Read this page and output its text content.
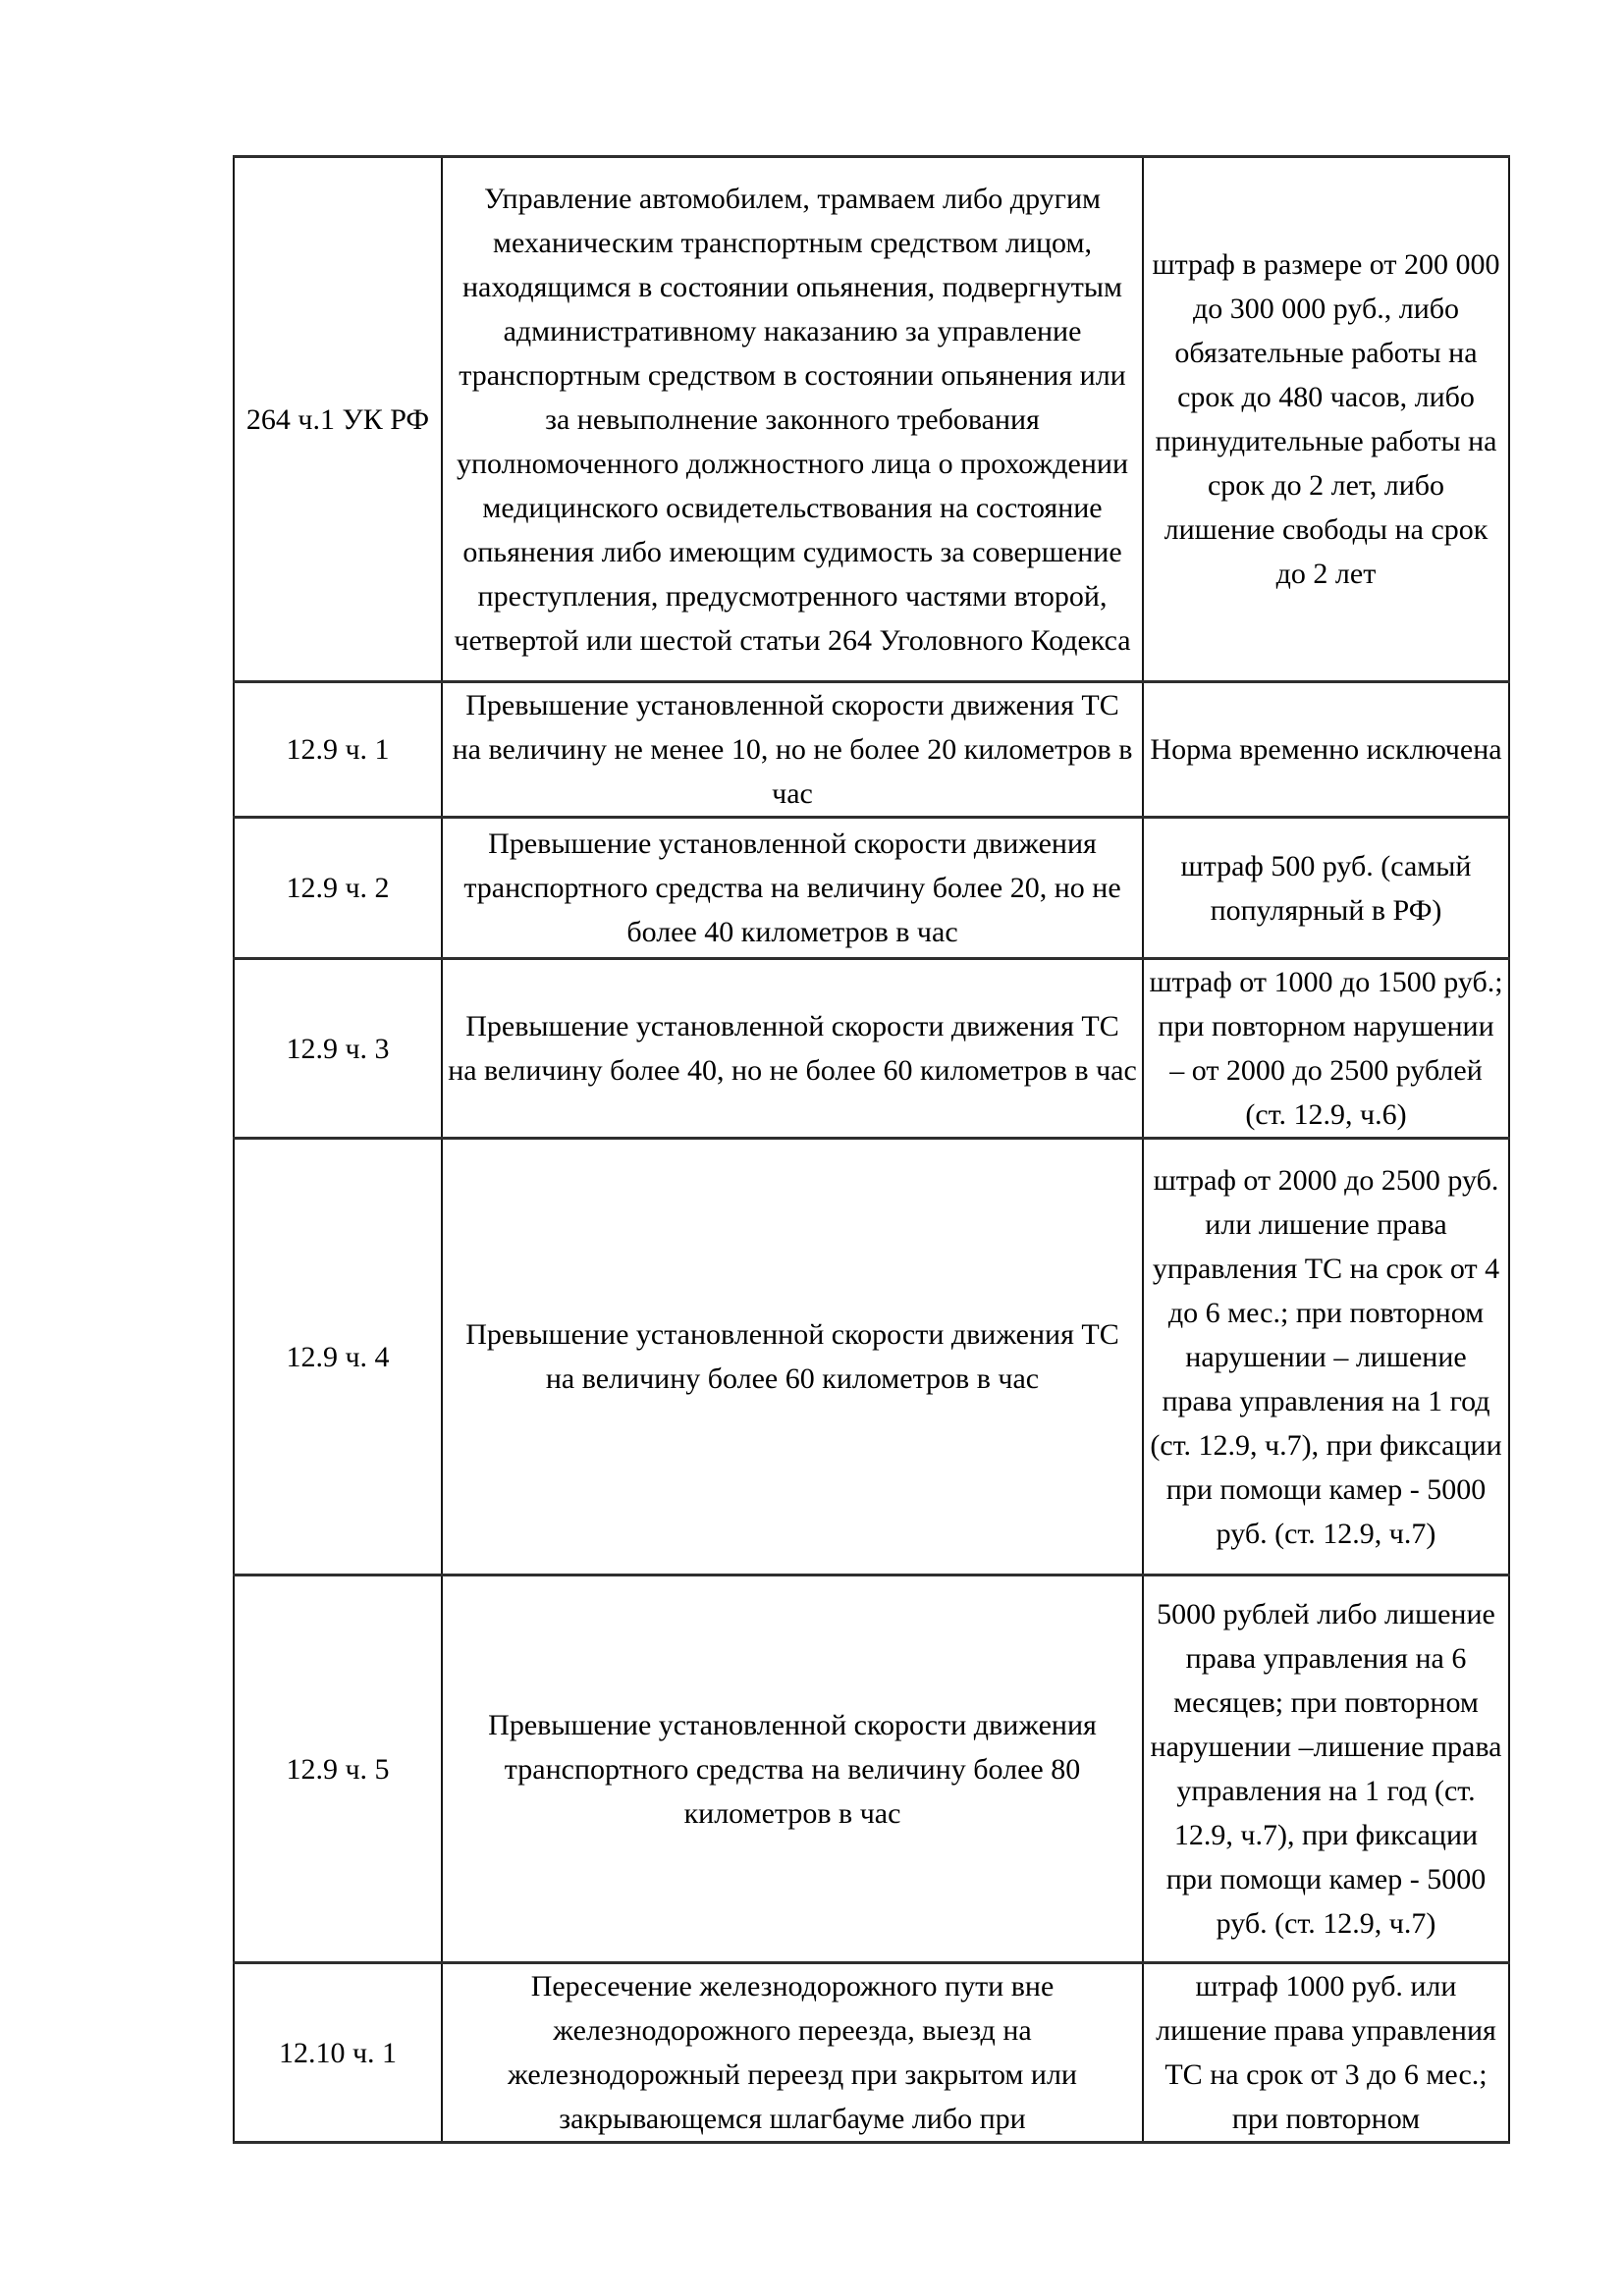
264 ч.1 УК РФ	Управление автомобилем, трамваем либо другим механическим транспортным средством лицом, находящимся в состоянии опьянения, подвергнутым административному наказанию за управление транспортным средством в состоянии опьянения или за невыполнение законного требования уполномоченного должностного лица о прохождении медицинского освидетельствования на состояние опьянения либо имеющим судимость за совершение преступления, предусмотренного частями второй, четвертой или шестой статьи 264 Уголовного Кодекса	штраф в размере от 200 000 до 300 000 руб., либо обязательные работы на срок до 480 часов, либо принудительные работы на срок до 2 лет, либо лишение свободы на срок до 2 лет
12.9 ч. 1	Превышение установленной скорости движения ТС на величину не менее 10, но не более 20 километров в час	Норма временно исключена
12.9 ч. 2	Превышение установленной скорости движения транспортного средства на величину более 20, но не более 40 километров в час	штраф 500 руб. (самый популярный в РФ)
12.9 ч. 3	Превышение установленной скорости движения ТС на величину более 40, но не более 60 километров в час	штраф от 1000 до 1500 руб.; при повторном нарушении – от 2000 до 2500 рублей (ст. 12.9, ч.6)
12.9 ч. 4	Превышение установленной скорости движения ТС на величину более 60 километров в час	штраф от 2000 до 2500 руб. или лишение права управления ТС на срок от 4 до 6 мес.; при повторном нарушении – лишение права управления на 1 год (ст. 12.9, ч.7), при фиксации при помощи камер - 5000 руб. (ст. 12.9, ч.7)
12.9 ч. 5	Превышение установленной скорости движения транспортного средства на величину более 80 километров в час	5000 рублей либо лишение права управления на 6 месяцев; при повторном нарушении –лишение права управления на 1 год (ст. 12.9, ч.7), при фиксации при помощи камер - 5000 руб. (ст. 12.9, ч.7)
12.10 ч. 1	Пересечение железнодорожного пути вне железнодорожного переезда, выезд на железнодорожный переезд при закрытом или закрывающемся шлагбауме либо при	штраф 1000 руб. или лишение права управления ТС на срок от 3 до 6 мес.; при повторном
